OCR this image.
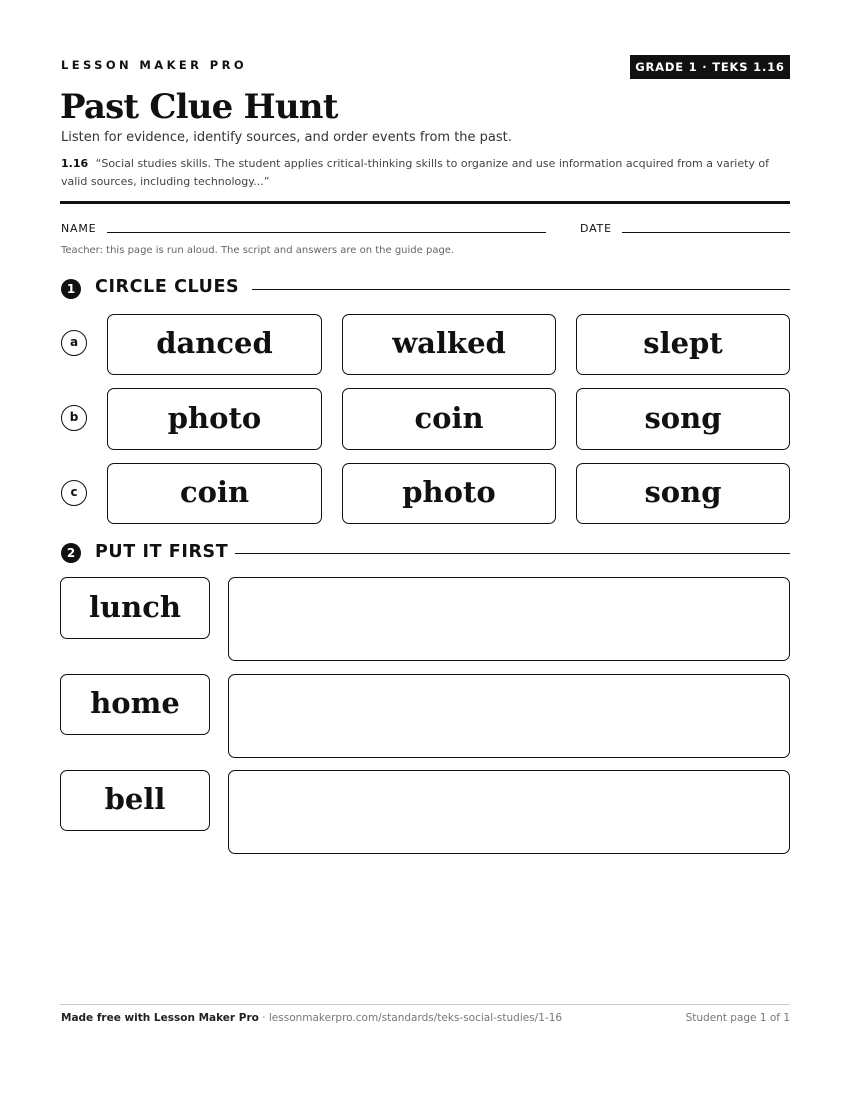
LESSON MAKER PRO	GRADE 1 · TEKS 1.16
Past Clue Hunt
Listen for evidence, identify sources, and order events from the past.
1.16 “Social studies skills. The student applies critical-thinking skills to organize and use information acquired from a variety of valid sources, including technology...”
NAME	DATE
Teacher: this page is run aloud. The script and answers are on the guide page.
1	CIRCLE CLUES
a	danced	walked	slept
b	photo	coin	song
c	coin	photo	song
2	PUT IT FIRST
lunch
home
bell
Made free with Lesson Maker Pro · lessonmakerpro.com/standards/teks-social-studies/1-16	Student page 1 of 1
